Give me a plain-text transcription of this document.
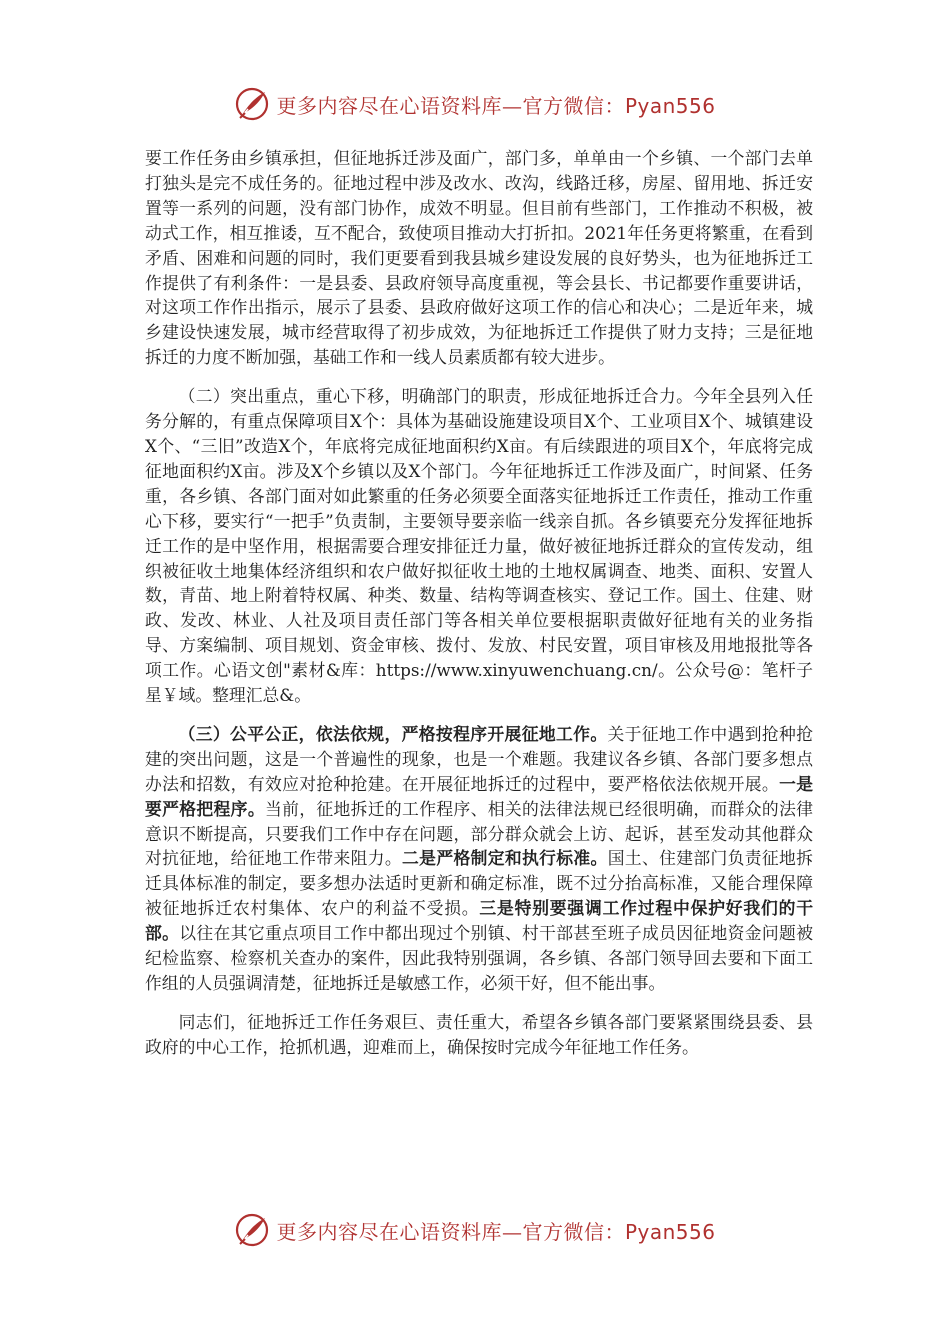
更多内容尽在心语资料库—官方微信：Pyan556

要工作任务由乡镇承担，但征地拆迁涉及面广，部门多，单单由一个乡镇、一个部门去单打独头是完不成任务的。征地过程中涉及改水、改沟，线路迁移，房屋、留用地、拆迁安置等一系列的问题，没有部门协作，成效不明显。但目前有些部门，工作推动不积极，被动式工作，相互推诿，互不配合，致使项目推动大打折扣。2021年任务更将繁重，在看到矛盾、困难和问题的同时，我们更要看到我县城乡建设发展的良好势头，也为征地拆迁工作提供了有利条件：一是县委、县政府领导高度重视，等会县长、书记都要作重要讲话，对这项工作作出指示，展示了县委、县政府做好这项工作的信心和决心；二是近年来，城乡建设快速发展，城市经营取得了初步成效，为征地拆迁工作提供了财力支持；三是征地拆迁的力度不断加强，基础工作和一线人员素质都有较大进步。

（二）突出重点，重心下移，明确部门的职责，形成征地拆迁合力。今年全县列入任务分解的，有重点保障项目X个：具体为基础设施建设项目X个、工业项目X个、城镇建设X个、“三旧”改造X个，年底将完成征地面积约X亩。有后续跟进的项目X个，年底将完成征地面积约X亩。涉及X个乡镇以及X个部门。今年征地拆迁工作涉及面广，时间紧、任务重，各乡镇、各部门面对如此繁重的任务必须要全面落实征地拆迁工作责任，推动工作重心下移，要实行“一把手”负责制，主要领导要亲临一线亲自抓。各乡镇要充分发挥征地拆迁工作的是中坚作用，根据需要合理安排征迁力量，做好被征地拆迁群众的宣传发动，组织被征收土地集体经济组织和农户做好拟征收土地的土地权属调查、地类、面积、安置人数，青苗、地上附着特权属、种类、数量、结构等调查核实、登记工作。国土、住建、财政、发改、林业、人社及项目责任部门等各相关单位要根据职责做好征地有关的业务指导、方案编制、项目规划、资金审核、拨付、发放、村民安置，项目审核及用地报批等各项工作。心语文创"素材&库：https://www.xinyuwenchuang.cn/。公众号@：笔杆子星￥域。整理汇总&。

（三）公平公正，依法依规，严格按程序开展征地工作。关于征地工作中遇到抢种抢建的突出问题，这是一个普遍性的现象，也是一个难题。我建议各乡镇、各部门要多想点办法和招数，有效应对抢种抢建。在开展征地拆迁的过程中，要严格依法依规开展。一是要严格把程序。当前，征地拆迁的工作程序、相关的法律法规已经很明确，而群众的法律意识不断提高，只要我们工作中存在问题，部分群众就会上访、起诉，甚至发动其他群众对抗征地，给征地工作带来阻力。二是严格制定和执行标准。国土、住建部门负责征地拆迁具体标准的制定，要多想办法适时更新和确定标准，既不过分抬高标准，又能合理保障被征地拆迁农村集体、农户的利益不受损。三是特别要强调工作过程中保护好我们的干部。以往在其它重点项目工作中都出现过个别镇、村干部甚至班子成员因征地资金问题被纪检监察、检察机关查办的案件，因此我特别强调，各乡镇、各部门领导回去要和下面工作组的人员强调清楚，征地拆迁是敏感工作，必须干好，但不能出事。

同志们，征地拆迁工作任务艰巨、责任重大，希望各乡镇各部门要紧紧围绕县委、县政府的中心工作，抢抓机遇，迎难而上，确保按时完成今年征地工作任务。

更多内容尽在心语资料库—官方微信：Pyan556
